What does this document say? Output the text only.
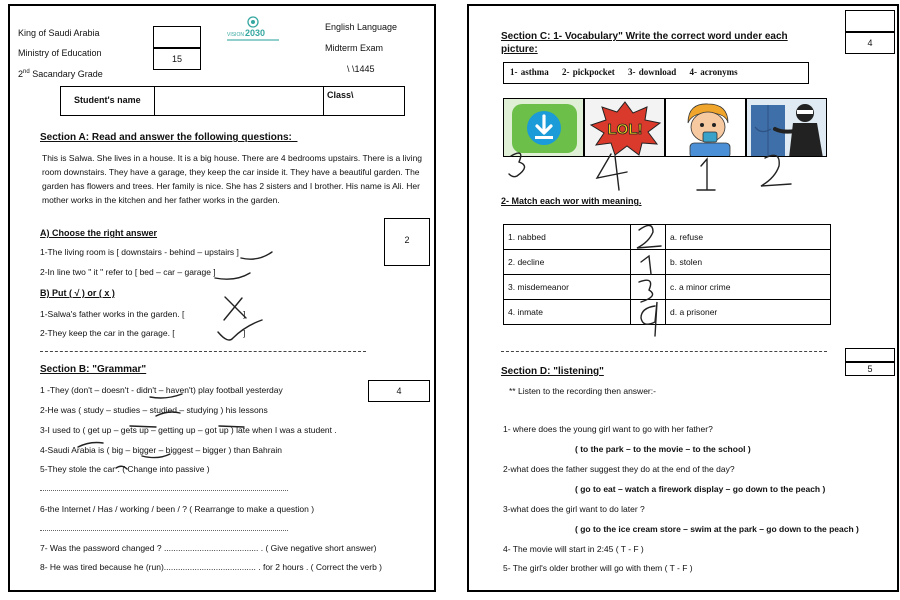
King of Saudi Arabia
Ministry of Education
2nd Sacandary Grade
15
VISION 2030
English Language
Midterm Exam
\ \1445
Student's name	Class\
Section A: Read and answer the following questions:_
This is Salwa. She lives in a house. It is a big house. There are 4 bedrooms upstairs. There is a living room downstairs. They have a garage, they keep the car inside it. They have a beautiful garden. The garden has flowers and trees. Her family is nice. She has 2 sisters and I brother. His name is Ali. Her mother works in the kitchen and her father works in the garden.
2
A) Choose the right answer
1-The living room is [ downstairs - behind – upstairs ]
2-In line two " it " refer to [ bed – car – garage ]
B) Put ( √ ) or ( x )
1-Salwa's father works in the garden. [	]
2-They keep the car in the garage. [	]
Section B: "Grammar"
4
1 -They (don't – doesn't - didn't – haven't) play football yesterday
2-He was ( study – studies – studied – studying ) his lessons
3-I used to ( get up – gets up – getting up – got up ) late when I was a student .
4-Saudi Arabia is ( big – bigger – biggest – bigger ) than Bahrain
5-They stole the car . ( Change into passive )
6-the Internet / Has / working / been / ? ( Rearrange to make a question )
7- Was the password changed ? ........................................ . ( Give negative short answer)
8- He was tired because he (run)....................................... . for 2 hours . ( Correct the verb )
Section C: 1- Vocabulary" Write the correct word under each picture:
4
1- asthma 2- pickpocket 3- download 4- acronyms
LOL!
2- Match each wor with meaning.
1. nabbed		a. refuse
2. decline		b. stolen
3. misdemeanor		c. a minor crime
4. inmate		d. a prisoner
5
Section D: "listening"
** Listen to the recording then answer:-
1- where does the young girl want to go with her father?
( to the park – to the movie – to the school )
2-what does the father suggest they do at the end of the day?
( go to eat – watch a firework display – go down to the peach )
3-what does the girl want to do later ?
( go to the ice cream store – swim at the park – go down to the peach )
4- The movie will start in 2:45 ( T - F )
5- The girl's older brother will go with them ( T - F )
